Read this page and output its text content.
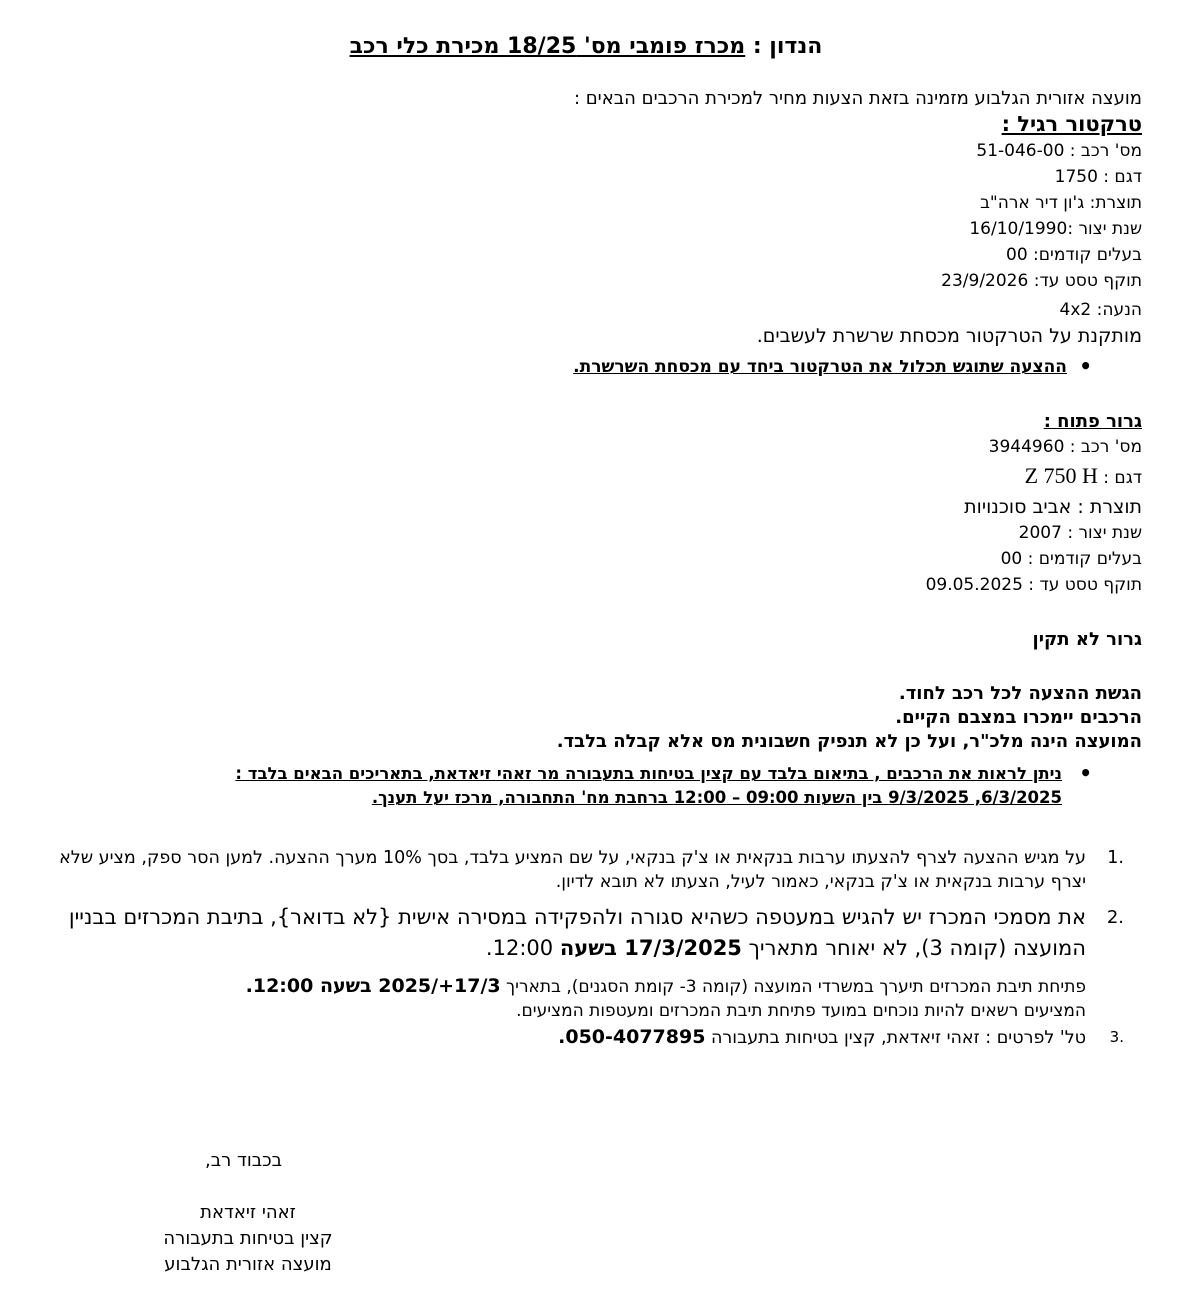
הנדון : מכרז פומבי מס' 18/25 מכירת כלי רכב
מועצה אזורית הגלבוע מזמינה בזאת הצעות מחיר למכירת הרכבים הבאים :
טרקטור רגיל :
מס' רכב : 51-046-00
דגם : 1750
תוצרת: ג'ון דיר ארה"ב
שנת יצור :16/10/1990
בעלים קודמים: 00
תוקף טסט עד: 23/9/2026
הנעה: 4x2
מותקנת על הטרקטור מכסחת שרשרת לעשבים.
•
ההצעה שתוגש תכלול את הטרקטור ביחד עם מכסחת השרשרת.
גרור פתוח :
מס' רכב : 3944960
דגם : Z 750 H
תוצרת : אביב סוכנויות
שנת יצור : 2007
בעלים קודמים : 00
תוקף טסט עד : 09.05.2025
גרור לא תקין
הגשת ההצעה לכל רכב לחוד.
הרכבים יימכרו במצבם הקיים.
המועצה הינה מלכ"ר, ועל כן לא תנפיק חשבונית מס אלא קבלה בלבד.
•
ניתן לראות את הרכבים , בתיאום בלבד עם קצין בטיחות בתעבורה מר זאהי זיאדאת, בתאריכים הבאים בלבד :
6/3/2025, 9/3/2025 בין השעות 09:00 – 12:00 ברחבת מח' התחבורה, מרכז יעל תענך.
.1
על מגיש ההצעה לצרף להצעתו ערבות בנקאית או צ'ק בנקאי, על שם המציע בלבד, בסך 10% מערך ההצעה. למען הסר ספק, מציע שלא יצרף ערבות בנקאית או צ'ק בנקאי, כאמור לעיל, הצעתו לא תובא לדיון.
.2
את מסמכי המכרז יש להגיש במעטפה כשהיא סגורה ולהפקידה במסירה אישית {לא בדואר}, בתיבת המכרזים בבניין המועצה (קומה 3), לא יאוחר מתאריך 17/3/2025 בשעה 12:00.
פתיחת תיבת המכרזים תיערך במשרדי המועצה (קומה 3- קומת הסגנים), בתאריך 17/3+/2025 בשעה 12:00.
המציעים רשאים להיות נוכחים במועד פתיחת תיבת המכרזים ומעטפות המציעים.
.3
טל' לפרטים : זאהי זיאדאת, קצין בטיחות בתעבורה 050-4077895.
בכבוד רב,
זאהי זיאדאת
קצין בטיחות בתעבורה
מועצה אזורית הגלבוע
